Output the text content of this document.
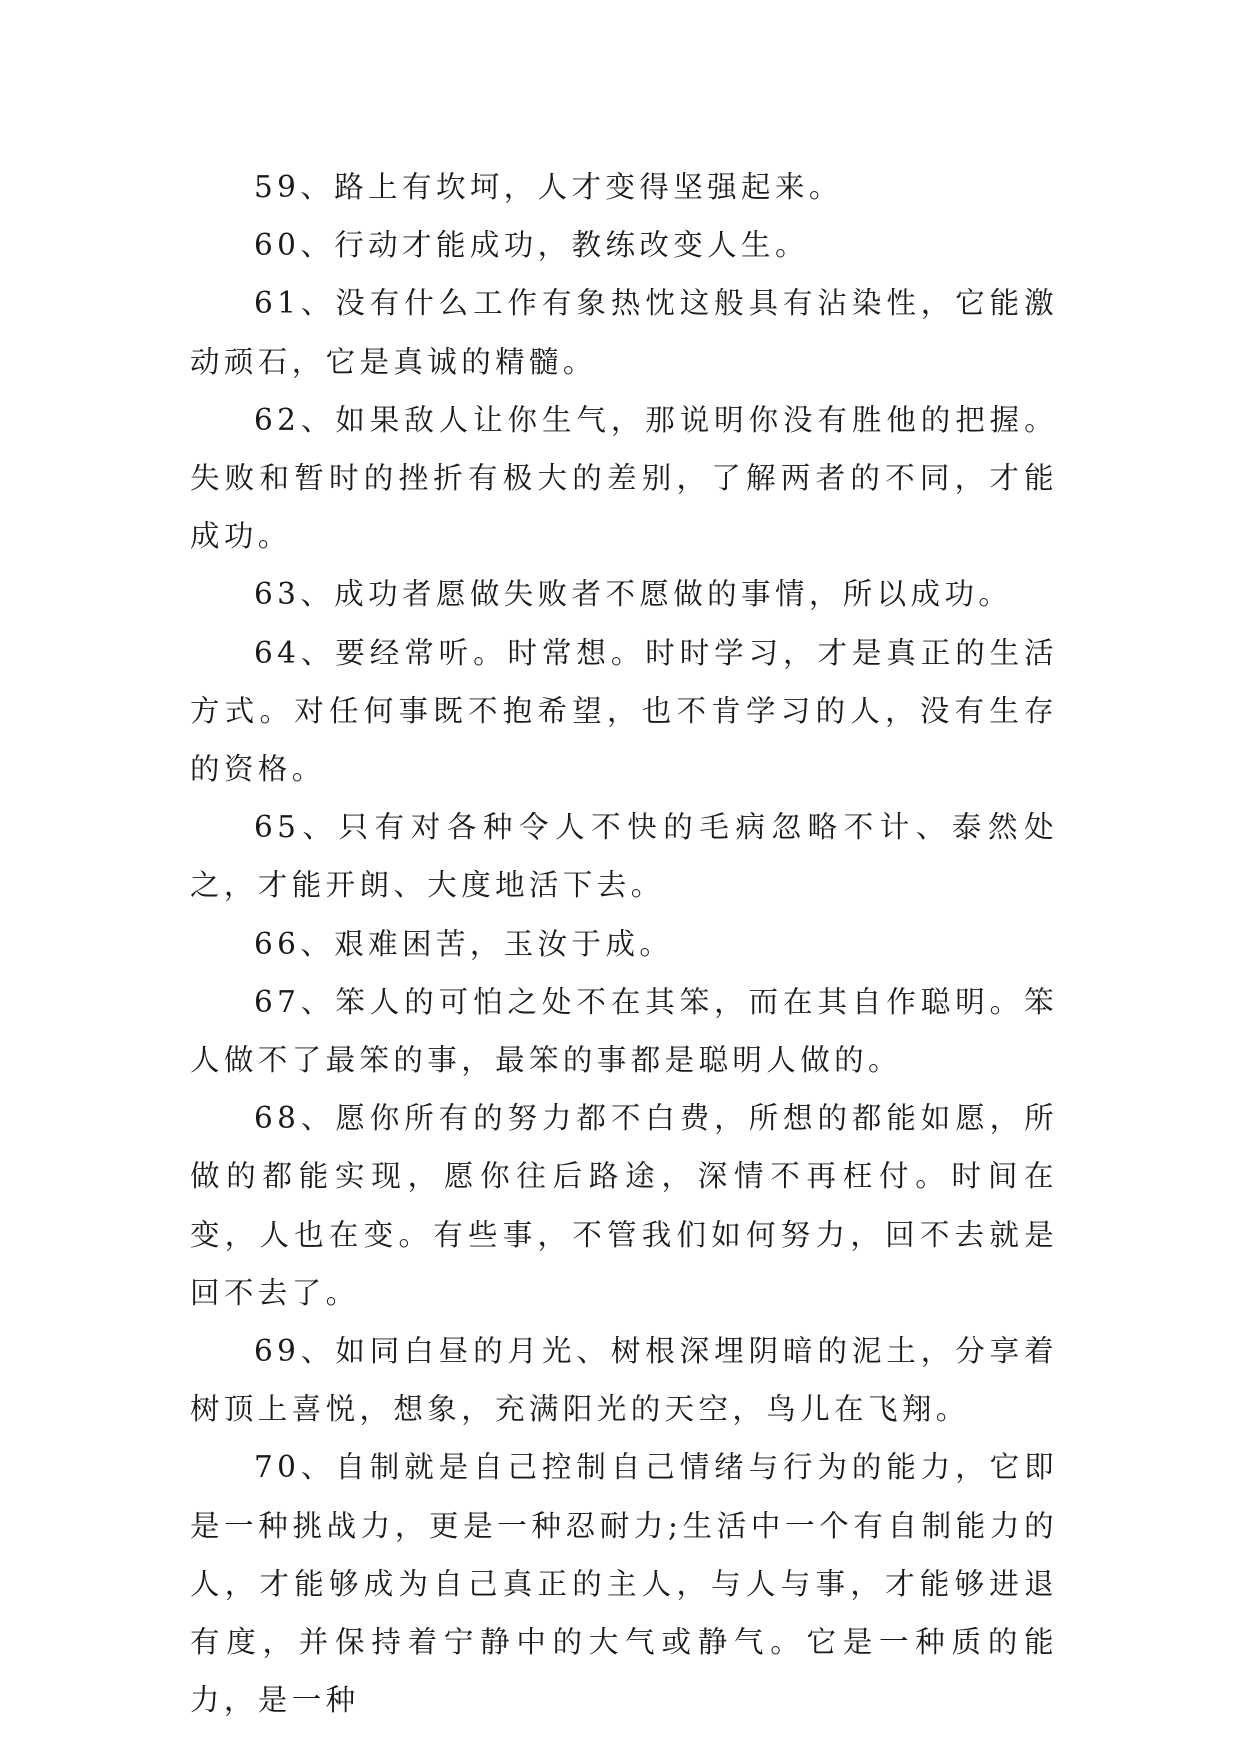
59、路上有坎坷，人才变得坚强起来。

60、行动才能成功，教练改变人生。

61、没有什么工作有象热忱这般具有沾染性，它能激动顽石，它是真诚的精髓。

62、如果敌人让你生气，那说明你没有胜他的把握。失败和暂时的挫折有极大的差别，了解两者的不同，才能成功。

63、成功者愿做失败者不愿做的事情，所以成功。

64、要经常听。时常想。时时学习，才是真正的生活方式。对任何事既不抱希望，也不肯学习的人，没有生存的资格。

65、只有对各种令人不快的毛病忽略不计、泰然处之，才能开朗、大度地活下去。

66、艰难困苦，玉汝于成。

67、笨人的可怕之处不在其笨，而在其自作聪明。笨人做不了最笨的事，最笨的事都是聪明人做的。

68、愿你所有的努力都不白费，所想的都能如愿，所做的都能实现，愿你往后路途，深情不再枉付。时间在变，人也在变。有些事，不管我们如何努力，回不去就是回不去了。

69、如同白昼的月光、树根深埋阴暗的泥土，分享着树顶上喜悦，想象，充满阳光的天空，鸟儿在飞翔。

70、自制就是自己控制自己情绪与行为的能力，它即是一种挑战力，更是一种忍耐力;生活中一个有自制能力的人，才能够成为自己真正的主人，与人与事，才能够进退有度，并保持着宁静中的大气或静气。它是一种质的能力，是一种
